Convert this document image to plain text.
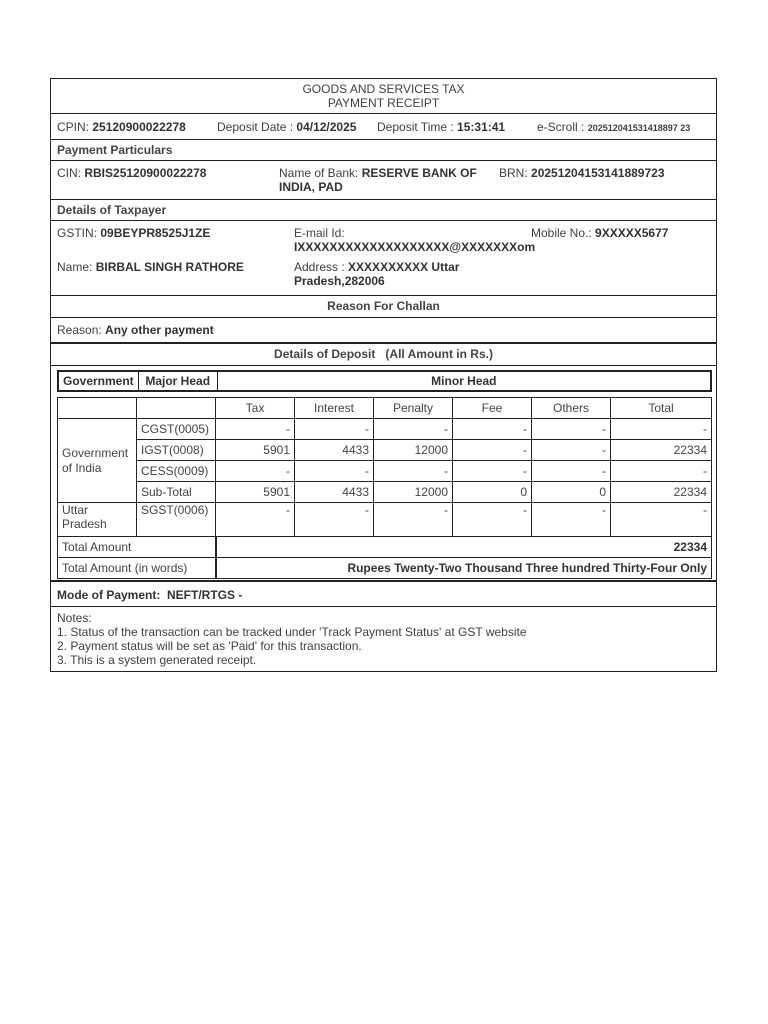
GOODS AND SERVICES TAX
PAYMENT RECEIPT
CPIN: 25120900022278	Deposit Date : 04/12/2025 Deposit Time : 15:31:41	e-Scroll : 202512041531418897 23
Payment Particulars
CIN: RBIS25120900022278	Name of Bank: RESERVE BANK OF
INDIA, PAD
BRN: 20251204153141889723
Details of Taxpayer
GSTIN: 09BEYPR8525J1ZE	E-mail Id:
IXXXXXXXXXXXXXXXXXXX@XXXXXXXom
Mobile No.: 9XXXXX5677
Name: BIRBAL SINGH RATHORE	Address : XXXXXXXXXX Uttar
Pradesh,282006
Reason For Challan
Reason: Any other payment
Details of Deposit (All Amount in Rs.)
Government	Major Head	Minor Head
		Tax	Interest	Penalty	Fee	Others	Total
Government
of India	CGST(0005)	-	-	-	-	-	-
	IGST(0008)	5901	4433	12000	-	-	22334
	CESS(0009)	-	-	-	-	-	-
	Sub-Total	5901	4433	12000	0	0	22334
Uttar
Pradesh	SGST(0006)	-	-	-	-	-	-
Total Amount		22334					
Total Amount (in words)		Rupees Twenty-Two Thousand Three hundred Thirty-Four Only					
Mode of Payment: NEFT/RTGS -
Notes:
1. Status of the transaction can be tracked under 'Track Payment Status' at GST website
2. Payment status will be set as 'Paid' for this transaction.
3. This is a system generated receipt.
